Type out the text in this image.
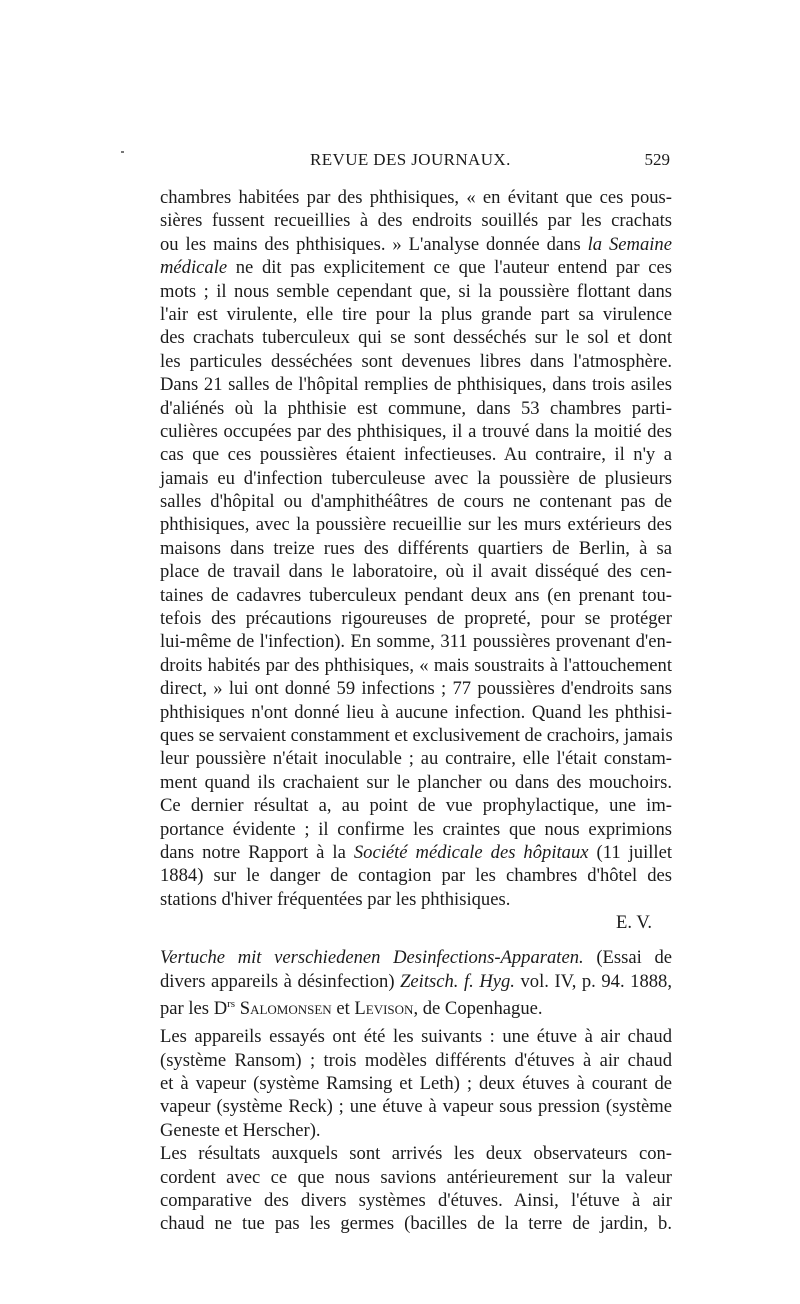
REVUE DES JOURNAUX.	529
chambres habitées par des phthisiques, « en évitant que ces pous-
sières fussent recueillies à des endroits souillés par les crachats
ou les mains des phthisiques. » L'analyse donnée dans la Semaine
médicale ne dit pas explicitement ce que l'auteur entend par ces
mots ; il nous semble cependant que, si la poussière flottant dans
l'air est virulente, elle tire pour la plus grande part sa virulence
des crachats tuberculeux qui se sont desséchés sur le sol et dont
les particules desséchées sont devenues libres dans l'atmosphère.
Dans 21 salles de l'hôpital remplies de phthisiques, dans trois asiles
d'aliénés où la phthisie est commune, dans 53 chambres parti-
culières occupées par des phthisiques, il a trouvé dans la moitié des
cas que ces poussières étaient infectieuses. Au contraire, il n'y a
jamais eu d'infection tuberculeuse avec la poussière de plusieurs
salles d'hôpital ou d'amphithéâtres de cours ne contenant pas de
phthisiques, avec la poussière recueillie sur les murs extérieurs des
maisons dans treize rues des différents quartiers de Berlin, à sa
place de travail dans le laboratoire, où il avait disséqué des cen-
taines de cadavres tuberculeux pendant deux ans (en prenant tou-
tefois des précautions rigoureuses de propreté, pour se protéger
lui-même de l'infection). En somme, 311 poussières provenant d'en-
droits habités par des phthisiques, « mais soustraits à l'attouchement
direct, » lui ont donné 59 infections ; 77 poussières d'endroits sans
phthisiques n'ont donné lieu à aucune infection. Quand les phthisi-
ques se servaient constamment et exclusivement de crachoirs, jamais
leur poussière n'était inoculable ; au contraire, elle l'était constam-
ment quand ils crachaient sur le plancher ou dans des mouchoirs.
Ce dernier résultat a, au point de vue prophylactique, une im-
portance évidente ; il confirme les craintes que nous exprimions
dans notre Rapport à la Société médicale des hôpitaux (11 juillet
1884) sur le danger de contagion par les chambres d'hôtel des
stations d'hiver fréquentées par les phthisiques.
E. V.
Vertuche mit verschiedenen Desinfections-Apparaten. (Essai de
divers appareils à désinfection) Zeitsch. f. Hyg. vol. IV, p. 94. 1888,
par les $D^{rs}$ Salomonsen et Levison, de Copenhague.
Les appareils essayés ont été les suivants : une étuve à air chaud
(système Ransom) ; trois modèles différents d'étuves à air chaud
et à vapeur (système Ramsing et Leth) ; deux étuves à courant de
vapeur (système Reck) ; une étuve à vapeur sous pression (système
Geneste et Herscher).
Les résultats auxquels sont arrivés les deux observateurs con-
cordent avec ce que nous savions antérieurement sur la valeur
comparative des divers systèmes d'étuves. Ainsi, l'étuve à air
chaud ne tue pas les germes (bacilles de la terre de jardin, b.
